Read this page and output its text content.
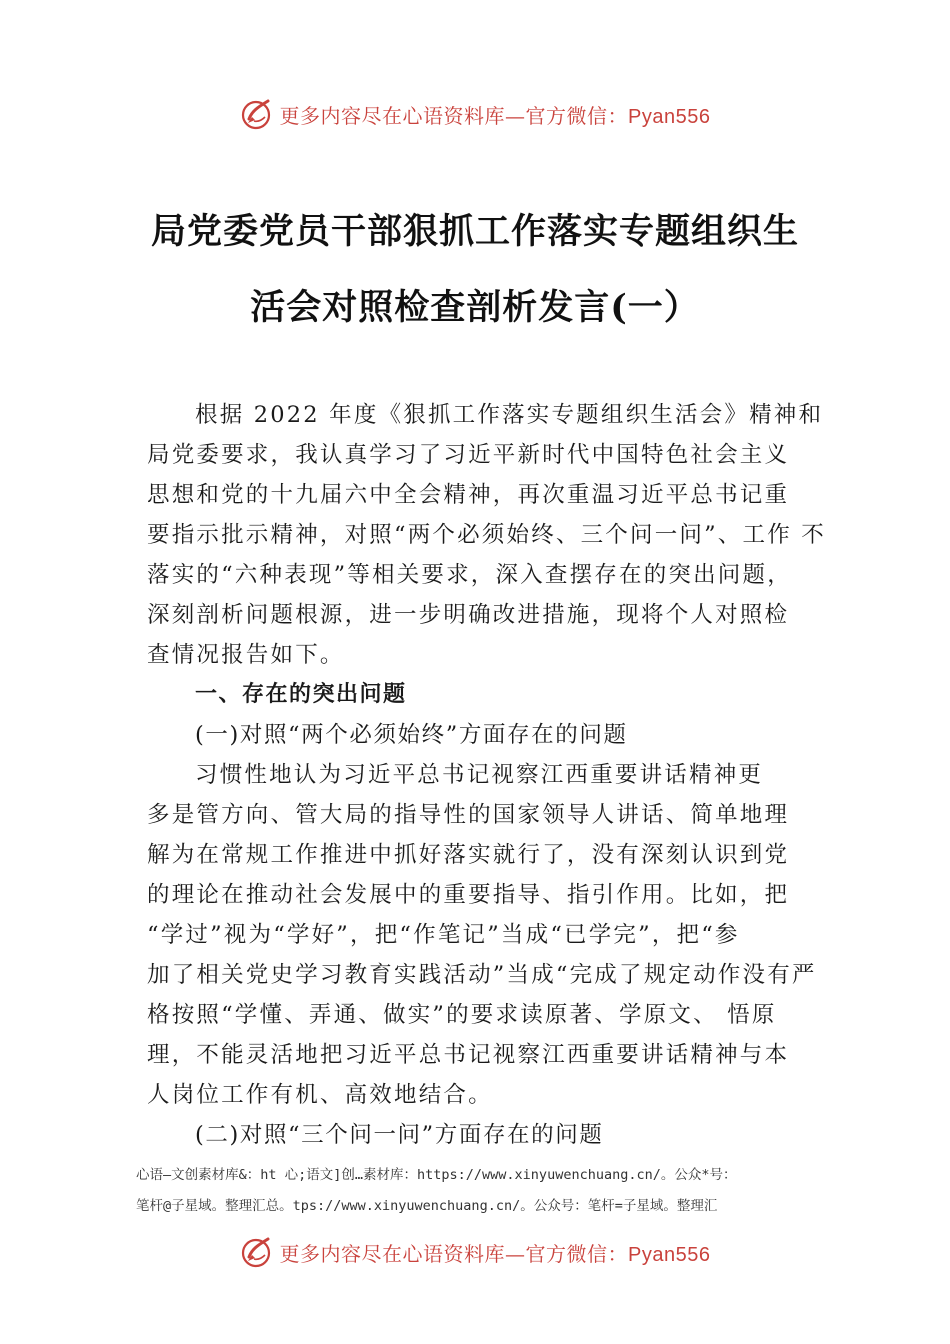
更多内容尽在心语资料库—官方微信：Pyan556
局党委党员干部狠抓工作落实专题组织生
活会对照检查剖析发言(一）

根据 2022 年度《狠抓工作落实专题组织生活会》精神和

局党委要求，我认真学习了习近平新时代中国特色社会主义

思想和党的十九届六中全会精神，再次重温习近平总书记重

要指示批示精神，对照“两个必须始终、三个问一问”、工作 不

落实的“六种表现”等相关要求，深入查摆存在的突出问题，

深刻剖析问题根源，进一步明确改进措施，现将个人对照检

查情况报告如下。

一、存在的突出问题

(一)对照“两个必须始终”方面存在的问题

习惯性地认为习近平总书记视察江西重要讲话精神更

多是管方向、管大局的指导性的国家领导人讲话、简单地理

解为在常规工作推进中抓好落实就行了，没有深刻认识到党

的理论在推动社会发展中的重要指导、指引作用。比如，把

“学过”视为“学好”，把“作笔记”当成“已学完”，把“参

加了相关党史学习教育实践活动”当成“完成了规定动作没有严

格按照“学懂、弄通、做实”的要求读原著、学原文、 悟原

理，不能灵活地把习近平总书记视察江西重要讲话精神与本

人岗位工作有机、高效地结合。

(二)对照“三个问一问”方面存在的问题

心语—文创素材库&：ht 心;语文]创…素材库：https://www.xinyuwenchuang.cn/。公众*号：
笔杆@子星域。整理汇总。tps://www.xinyuwenchuang.cn/。公众号：笔杆=子星域。整理汇
更多内容尽在心语资料库—官方微信：Pyan556
